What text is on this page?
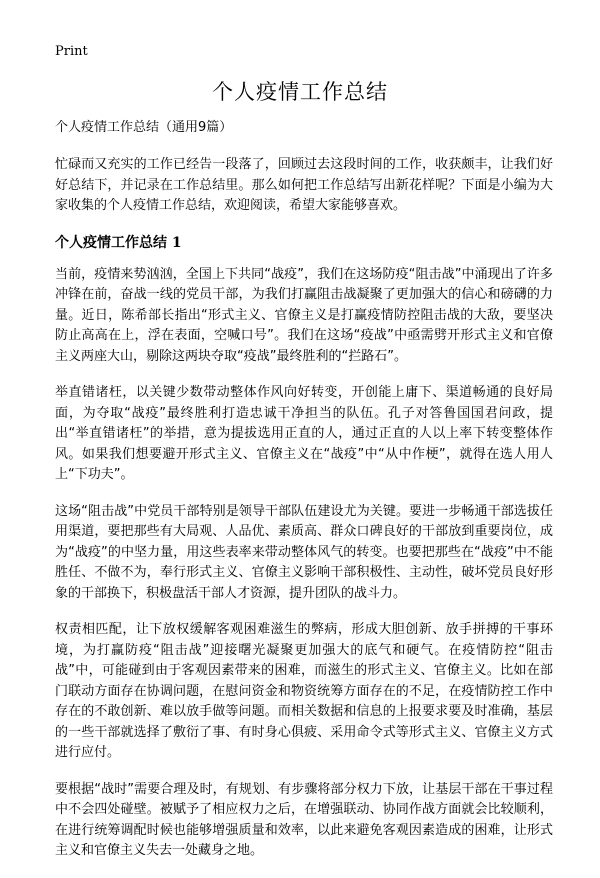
Print
个人疫情工作总结

个人疫情工作总结（通用9篇）

忙碌而又充实的工作已经告一段落了，回顾过去这段时间的工作，收获颇丰，让我们好好总结下，并记录在工作总结里。那么如何把工作总结写出新花样呢？下面是小编为大家收集的个人疫情工作总结，欢迎阅读，希望大家能够喜欢。

个人疫情工作总结 1

当前，疫情来势汹汹，全国上下共同“战疫”，我们在这场防疫“阻击战”中涌现出了许多冲锋在前，奋战一线的党员干部，为我们打赢阻击战凝聚了更加强大的信心和磅礴的力量。近日，陈希部长指出“形式主义、官僚主义是打赢疫情防控阻击战的大敌，要坚决防止高高在上，浮在表面，空喊口号”。我们在这场“疫战”中亟需劈开形式主义和官僚主义两座大山，剔除这两块夺取“疫战”最终胜利的“拦路石”。

举直错诸枉，以关键少数带动整体作风向好转变，开创能上庸下、渠道畅通的良好局面，为夺取“战疫”最终胜利打造忠诚干净担当的队伍。孔子对答鲁国国君问政，提出“举直错诸枉”的举措，意为提拔选用正直的人，通过正直的人以上率下转变整体作风。如果我们想要避开形式主义、官僚主义在“战疫”中“从中作梗”，就得在选人用人上“下功夫”。

这场“阻击战”中党员干部特别是领导干部队伍建设尤为关键。要进一步畅通干部选拔任用渠道，要把那些有大局观、人品优、素质高、群众口碑良好的干部放到重要岗位，成为“战疫”的中坚力量，用这些表率来带动整体风气的转变。也要把那些在“战疫”中不能胜任、不做不为，奉行形式主义、官僚主义影响干部积极性、主动性，破坏党员良好形象的干部换下，积极盘活干部人才资源，提升团队的战斗力。

权责相匹配，让下放权缓解客观困难滋生的弊病，形成大胆创新、放手拼搏的干事环境，为打赢防疫“阻击战”迎接曙光凝聚更加强大的底气和硬气。在疫情防控“阻击战”中，可能碰到由于客观因素带来的困难，而滋生的形式主义、官僚主义。比如在部门联动方面存在协调问题，在慰问资金和物资统筹方面存在的不足，在疫情防控工作中存在的不敢创新、难以放手做等问题。而相关数据和信息的上报要求要及时准确，基层的一些干部就选择了敷衍了事、有时身心俱疲、采用命令式等形式主义、官僚主义方式进行应付。

要根据“战时”需要合理及时，有规划、有步骤将部分权力下放，让基层干部在干事过程中不会四处碰壁。被赋予了相应权力之后，在增强联动、协同作战方面就会比较顺利，在进行统筹调配时候也能够增强质量和效率，以此来避免客观因素造成的困难，让形式主义和官僚主义失去一处藏身之地。
